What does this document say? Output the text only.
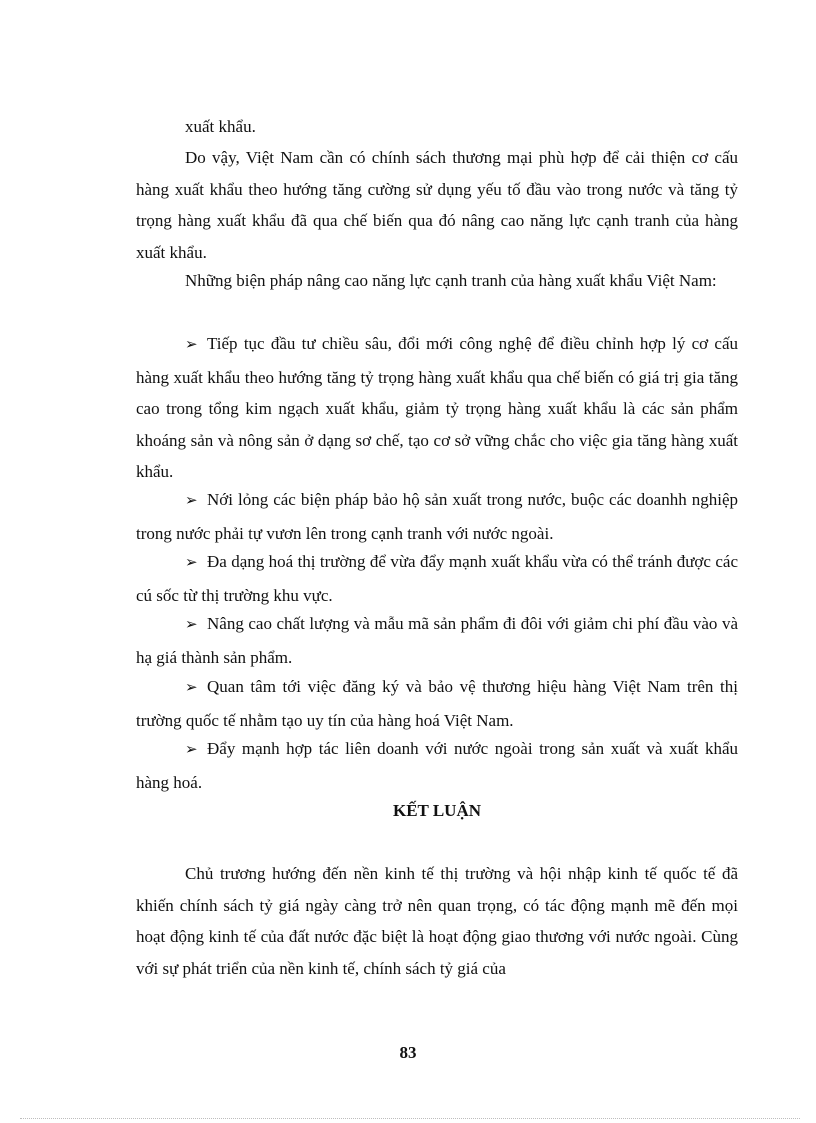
xuất khẩu.

Do vậy, Việt Nam cần có chính sách thương mại phù hợp để cải thiện cơ cấu hàng xuất khẩu theo hướng tăng cường sử dụng yếu tố đầu vào trong nước và tăng tỷ trọng hàng xuất khẩu đã qua chế biến qua đó nâng cao năng lực cạnh tranh của hàng xuất khẩu.

Những biện pháp nâng cao năng lực cạnh tranh của hàng xuất khẩu Việt Nam:

➢ Tiếp tục đầu tư chiều sâu, đổi mới công nghệ để điều chỉnh hợp lý cơ cấu hàng xuất khẩu theo hướng tăng tỷ trọng hàng xuất khẩu qua chế biến có giá trị gia tăng cao trong tổng kim ngạch xuất khẩu, giảm tỷ trọng hàng xuất khẩu là các sản phẩm khoáng sản và nông sản ở dạng sơ chế, tạo cơ sở vững chắc cho việc gia tăng hàng xuất khẩu.

➢ Nới lỏng các biện pháp bảo hộ sản xuất trong nước, buộc các doanhh nghiệp trong nước phải tự vươn lên trong cạnh tranh với nước ngoài.

➢ Đa dạng hoá thị trường để vừa đẩy mạnh xuất khẩu vừa có thể tránh được các cú sốc từ thị trường khu vực.

➢ Nâng cao chất lượng và mẫu mã sản phẩm đi đôi với giảm chi phí đầu vào và hạ giá thành sản phẩm.

➢ Quan tâm tới việc đăng ký và bảo vệ thương hiệu hàng Việt Nam trên thị trường quốc tế nhằm tạo uy tín của hàng hoá Việt Nam.

➢ Đẩy mạnh hợp tác liên doanh với nước ngoài trong sản xuất và xuất khẩu hàng hoá.

KẾT LUẬN

Chủ trương hướng đến nền kinh tế thị trường và hội nhập kinh tế quốc tế đã khiến chính sách tỷ giá ngày càng trở nên quan trọng, có tác động mạnh mẽ đến mọi hoạt động kinh tế của đất nước đặc biệt là hoạt động giao thương với nước ngoài. Cùng với sự phát triển của nền kinh tế, chính sách tỷ giá của

83
